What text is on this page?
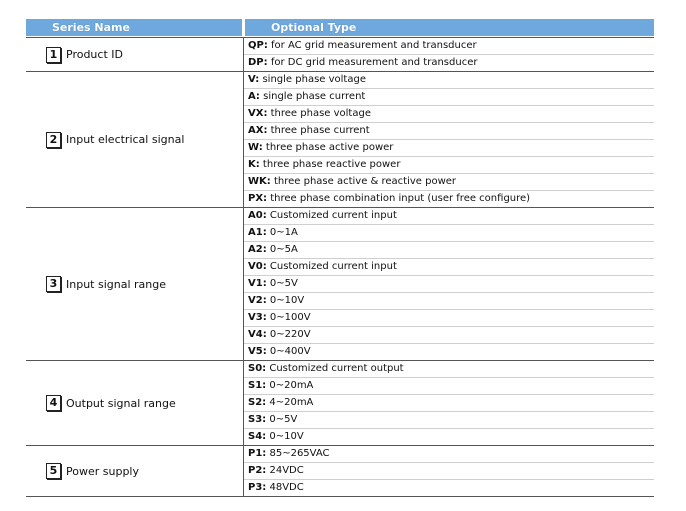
Series Name	Optional Type
1 Product ID
QP: for AC grid measurement and transducer
DP: for DC grid measurement and transducer
2 Input electrical signal
V: single phase voltage
A: single phase current
VX: three phase voltage
AX: three phase current
W: three phase active power
K: three phase reactive power
WK: three phase active & reactive power
PX: three phase combination input (user free configure)
3 Input signal range
A0: Customized current input
A1: 0~1A
A2: 0~5A
V0: Customized current input
V1: 0~5V
V2: 0~10V
V3: 0~100V
V4: 0~220V
V5: 0~400V
4 Output signal range
S0: Customized current output
S1: 0~20mA
S2: 4~20mA
S3: 0~5V
S4: 0~10V
5 Power supply
P1: 85~265VAC
P2: 24VDC
P3: 48VDC
